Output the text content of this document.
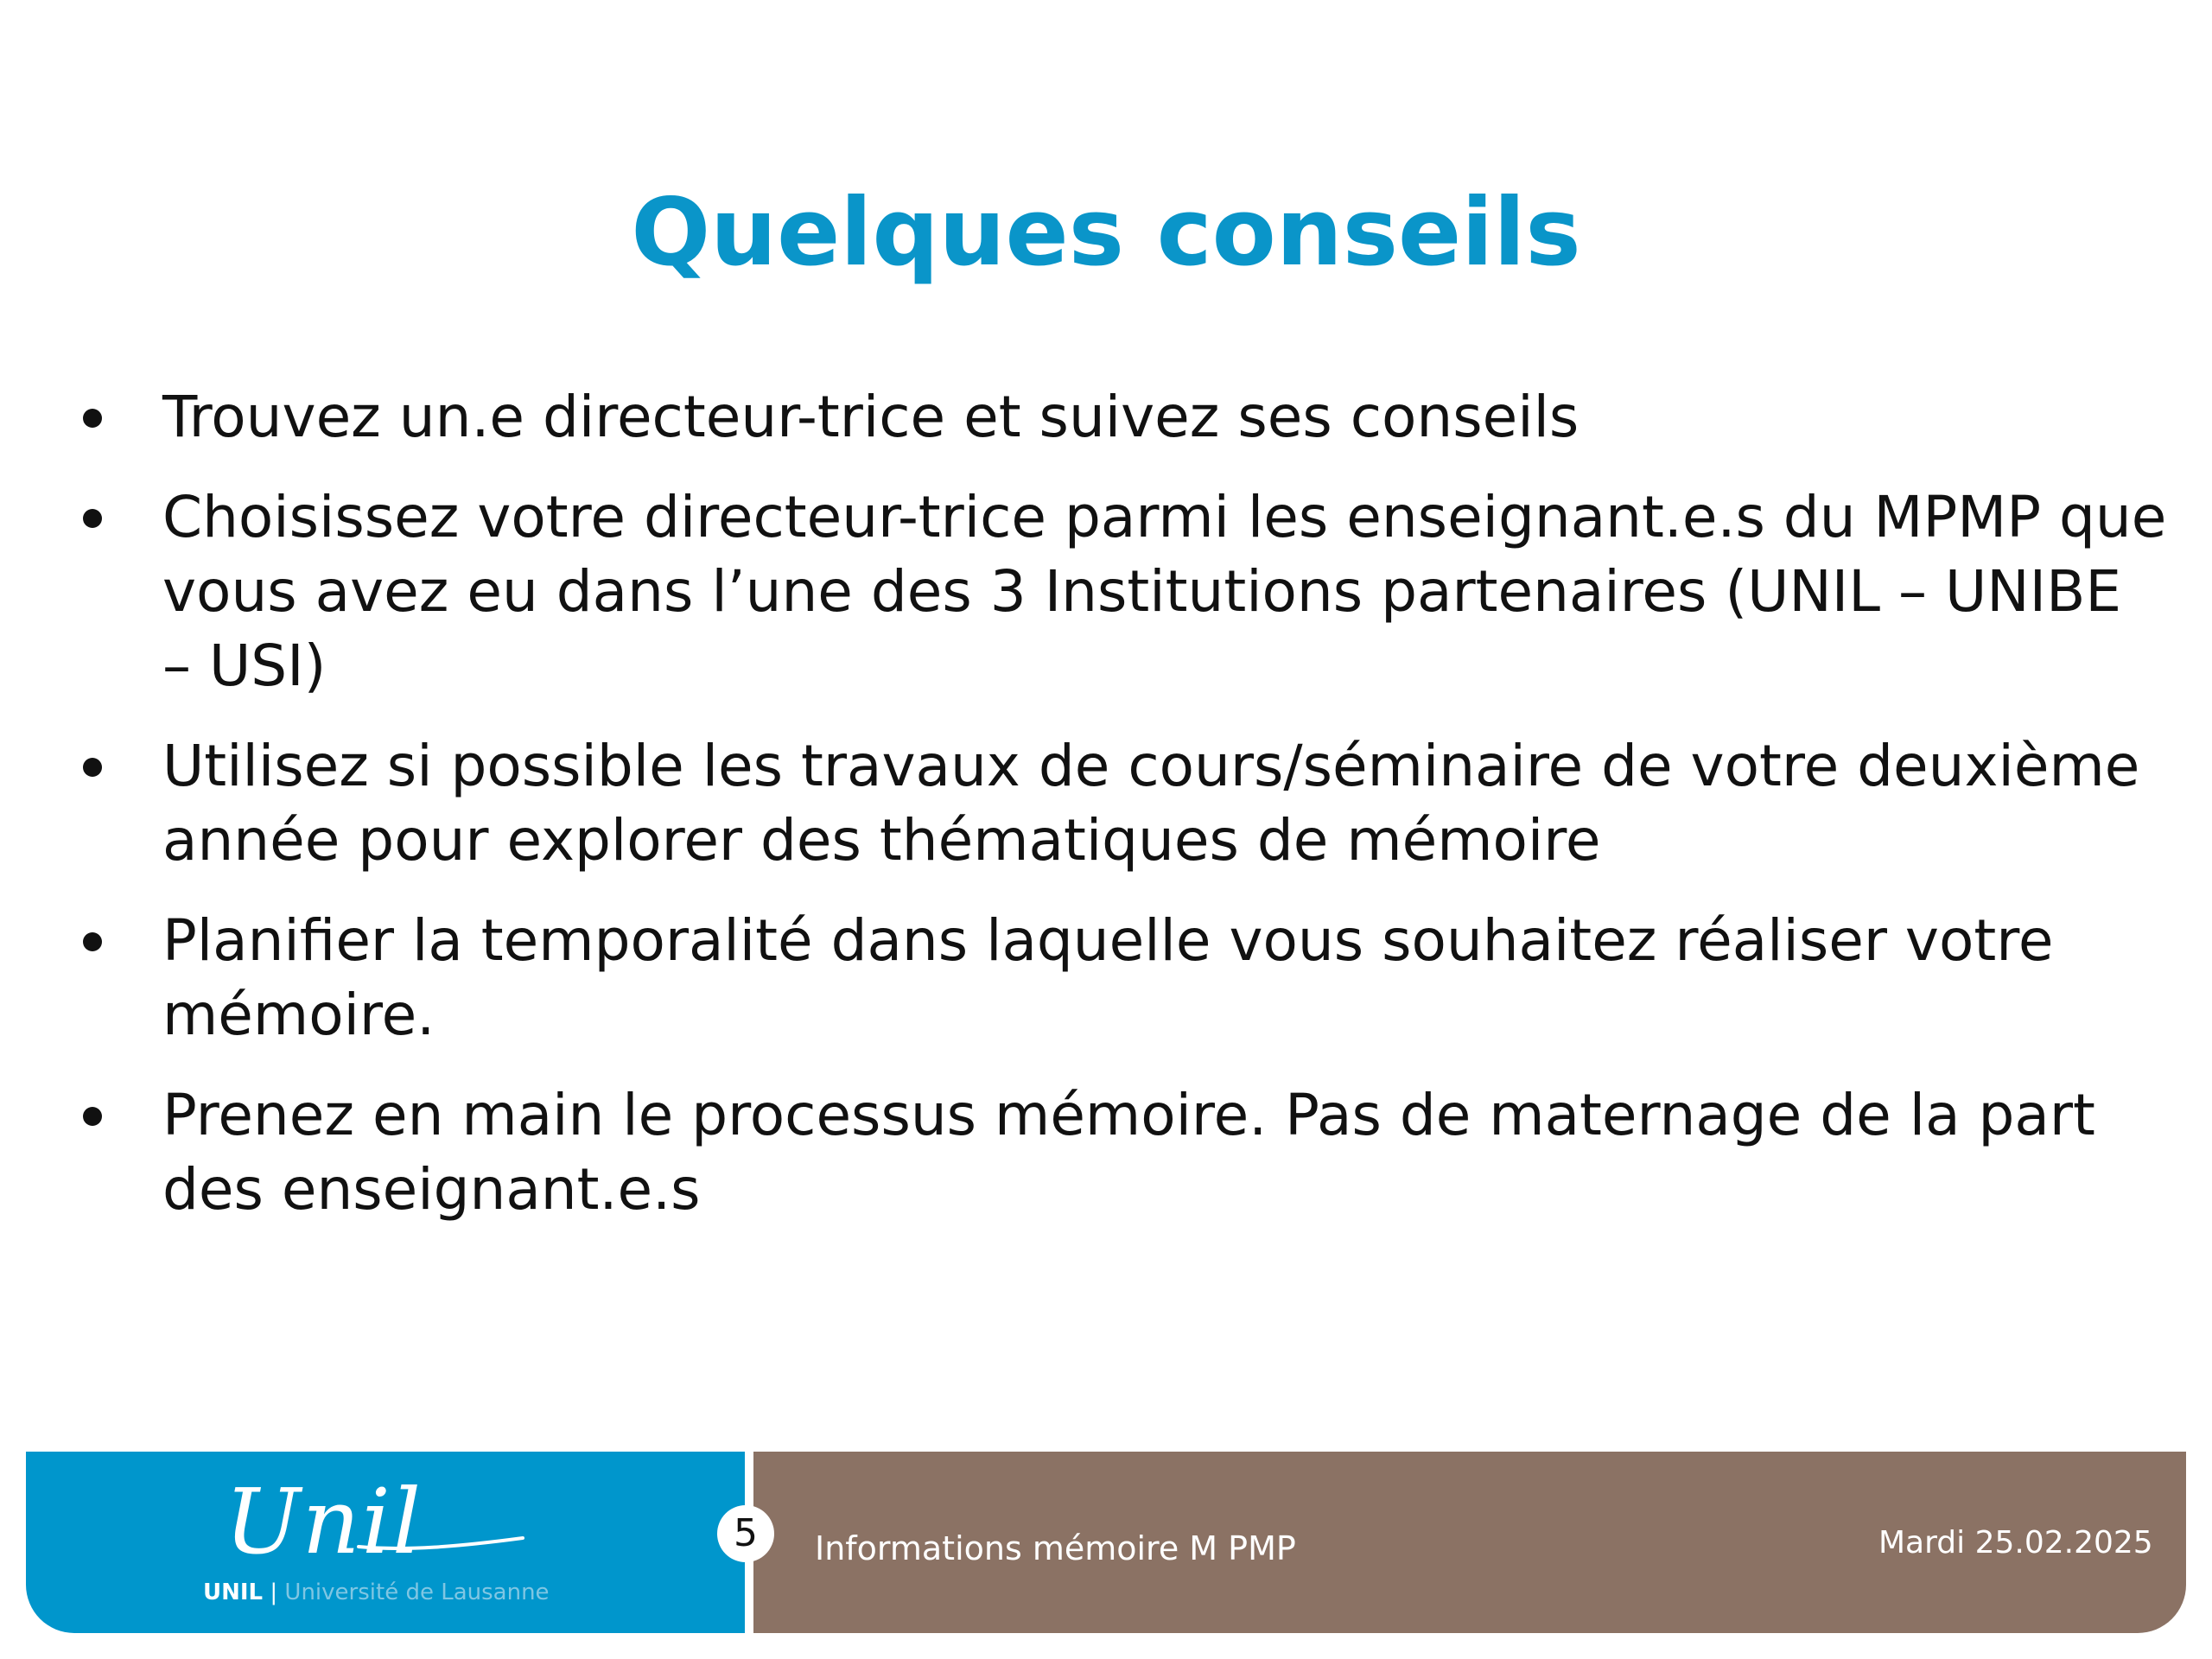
Quelques conseils
Trouvez un.e directeur-trice et suivez ses conseils
Choisissez votre directeur-trice parmi les enseignant.e.s du MPMP que vous avez eu dans l’une des 3 Institutions partenaires (UNIL – UNIBE – USI)
Utilisez si possible les travaux de cours/séminaire de votre deuxième année pour explorer des thématiques de mémoire
Planifier la temporalité dans laquelle vous souhaitez réaliser votre mémoire.
Prenez en main le processus mémoire. Pas de maternage de la part des enseignant.e.s
Unil
UNIL | Université de Lausanne
5	Informations mémoire M PMP	Mardi 25.02.2025
